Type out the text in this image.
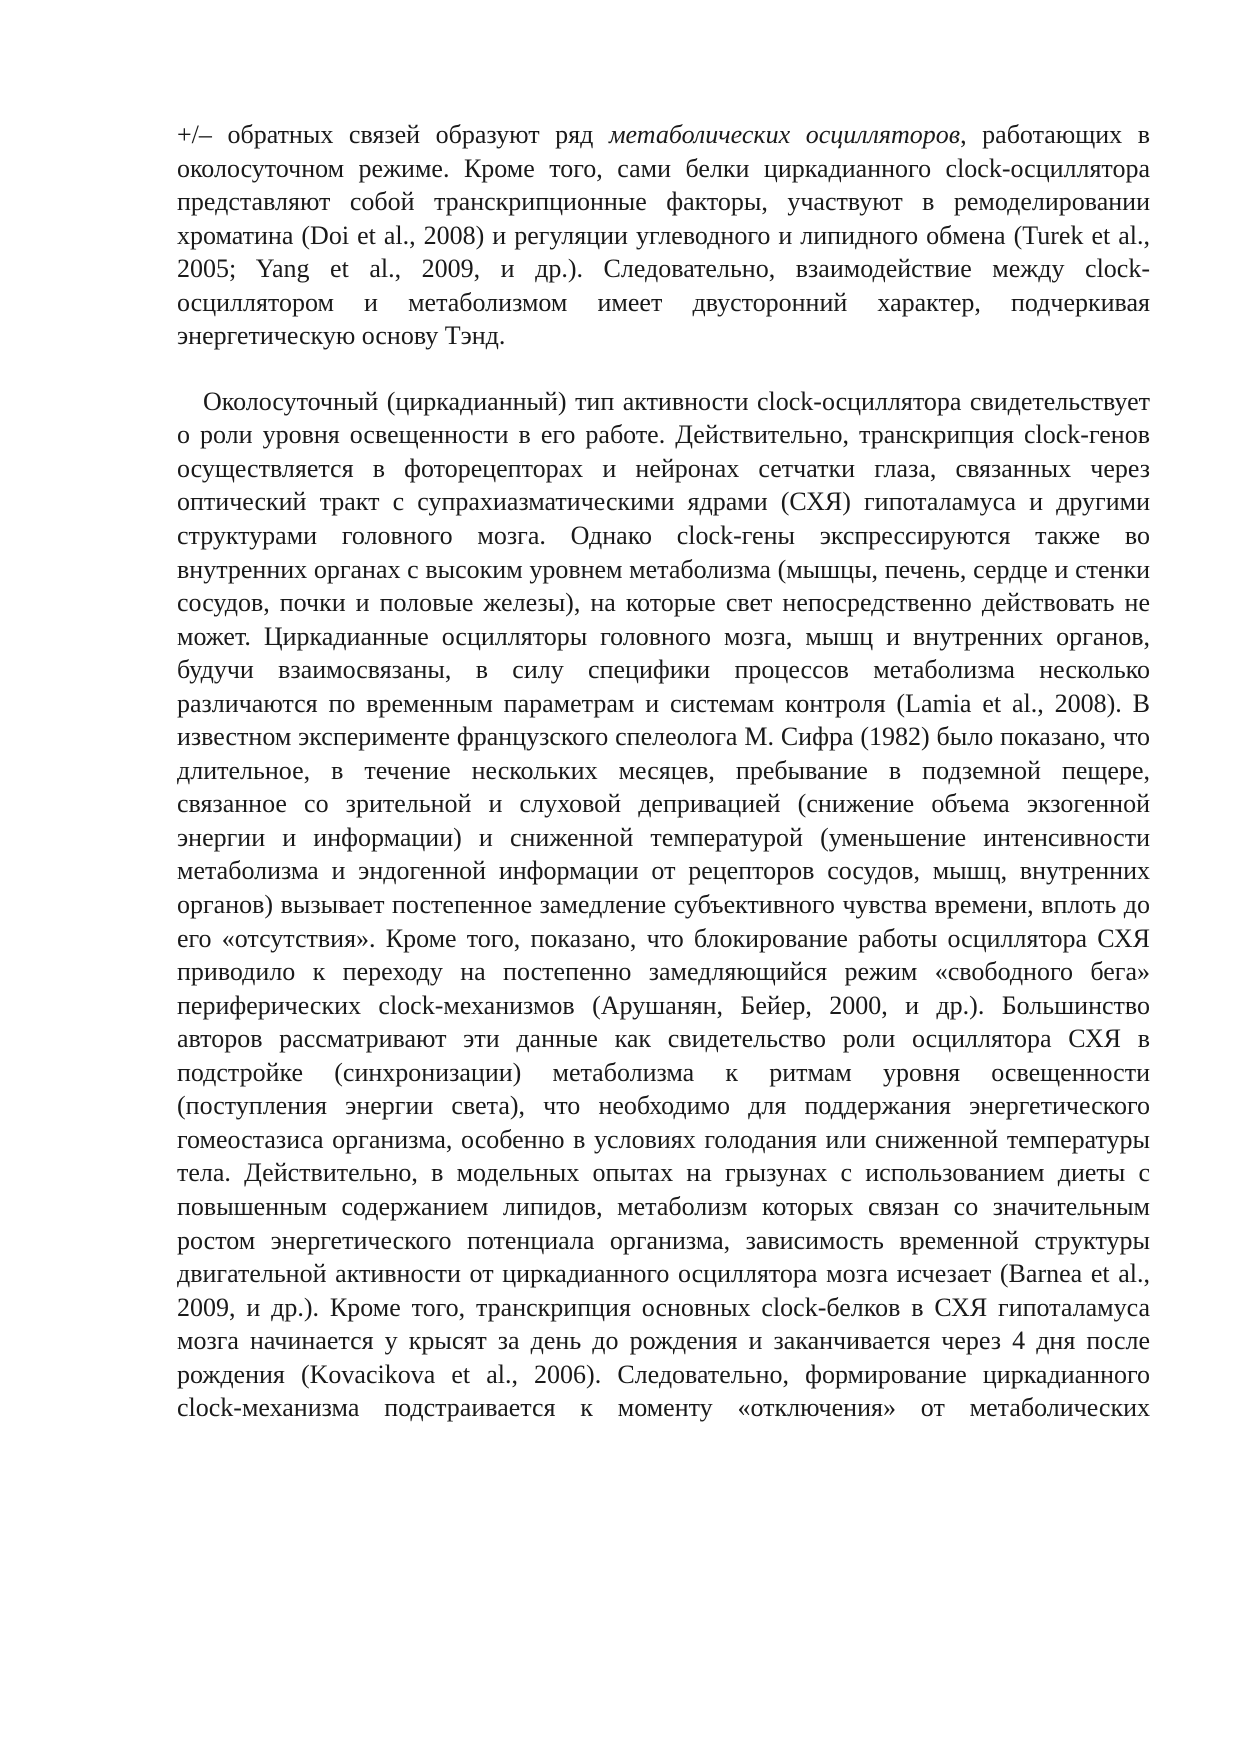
+/– обратных связей образуют ряд метаболических осцилляторов, работающих в околосуточном режиме. Кроме того, сами белки циркадианного clock-осциллятора представляют собой транскрипционные факторы, участвуют в ремоделировании хроматина (Doi et al., 2008) и регуляции углеводного и липидного обмена (Turek et al., 2005; Yang et al., 2009, и др.). Следовательно, взаимодействие между clock-осциллятором и метаболизмом имеет двусторонний характер, подчеркивая энергетическую основу Тэнд.

Околосуточный (циркадианный) тип активности clock-осциллятора свидетельствует о роли уровня освещенности в его работе. Действительно, транскрипция clock-генов осуществляется в фоторецепторах и нейронах сетчатки глаза, связанных через оптический тракт с супрахиазматическими ядрами (СХЯ) гипоталамуса и другими структурами головного мозга. Однако clock-гены экспрессируются также во внутренних органах с высоким уровнем метаболизма (мышцы, печень, сердце и стенки сосудов, почки и половые железы), на которые свет непосредственно действовать не может. Циркадианные осцилляторы головного мозга, мышц и внутренних органов, будучи взаимосвязаны, в силу специфики процессов метаболизма несколько различаются по временным параметрам и системам контроля (Lamia et al., 2008). В известном эксперименте французского спелеолога М. Сифра (1982) было показано, что длительное, в течение нескольких месяцев, пребывание в подземной пещере, связанное со зрительной и слуховой депривацией (снижение объема экзогенной энергии и информации) и сниженной температурой (уменьшение интенсивности метаболизма и эндогенной информации от рецепторов сосудов, мышц, внутренних органов) вызывает постепенное замедление субъективного чувства времени, вплоть до его «отсутствия». Кроме того, показано, что блокирование работы осциллятора СХЯ приводило к переходу на постепенно замедляющийся режим «свободного бега» периферических clock-механизмов (Арушанян, Бейер, 2000, и др.). Большинство авторов рассматривают эти данные как свидетельство роли осциллятора СХЯ в подстройке (синхронизации) метаболизма к ритмам уровня освещенности (поступления энергии света), что необходимо для поддержания энергетического гомеостазиса организма, особенно в условиях голодания или сниженной температуры тела. Действительно, в модельных опытах на грызунах с использованием диеты с повышенным содержанием липидов, метаболизм которых связан со значительным ростом энергетического потенциала организма, зависимость временной структуры двигательной активности от циркадианного осциллятора мозга исчезает (Barnea et al., 2009, и др.). Кроме того, транскрипция основных clock-белков в СХЯ гипоталамуса мозга начинается у крысят за день до рождения и заканчивается через 4 дня после рождения (Kovacikova et al., 2006). Следовательно, формирование циркадианного clock-механизма подстраивается к моменту «отключения» от метаболических
